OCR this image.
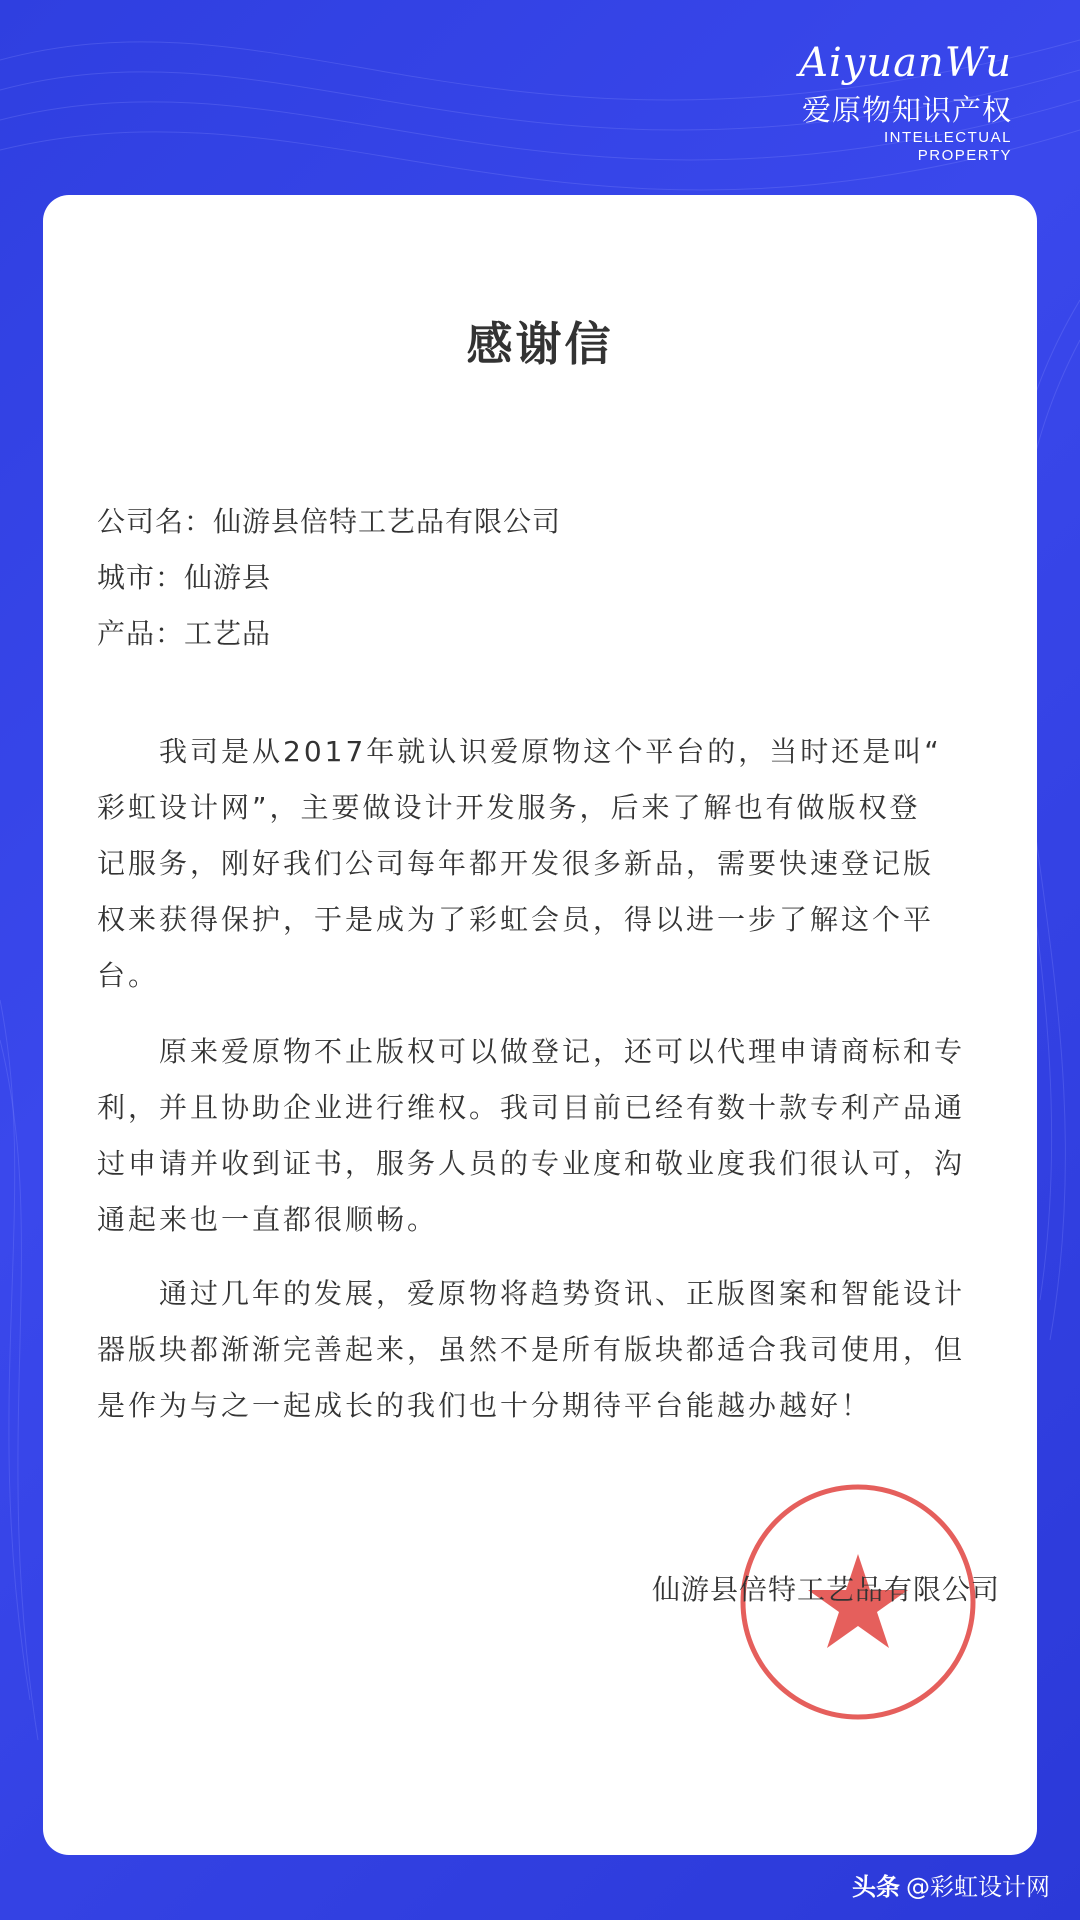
AiyuanWu
爱原物知识产权
INTELLECTUAL
PROPERTY
感谢信
公司名：仙游县倍特工艺品有限公司
城市：仙游县
产品：工艺品
　　我司是从2017年就认识爱原物这个平台的，当时还是叫“
彩虹设计网”，主要做设计开发服务，后来了解也有做版权登
记服务，刚好我们公司每年都开发很多新品，需要快速登记版
权来获得保护，于是成为了彩虹会员，得以进一步了解这个平
台。
　　原来爱原物不止版权可以做登记，还可以代理申请商标和专
利，并且协助企业进行维权。我司目前已经有数十款专利产品通
过申请并收到证书，服务人员的专业度和敬业度我们很认可，沟
通起来也一直都很顺畅。
　　通过几年的发展，爱原物将趋势资讯、正版图案和智能设计
器版块都渐渐完善起来，虽然不是所有版块都适合我司使用，但
是作为与之一起成长的我们也十分期待平台能越办越好！
仙游县倍特工艺品有限公司
头条 @彩虹设计网
